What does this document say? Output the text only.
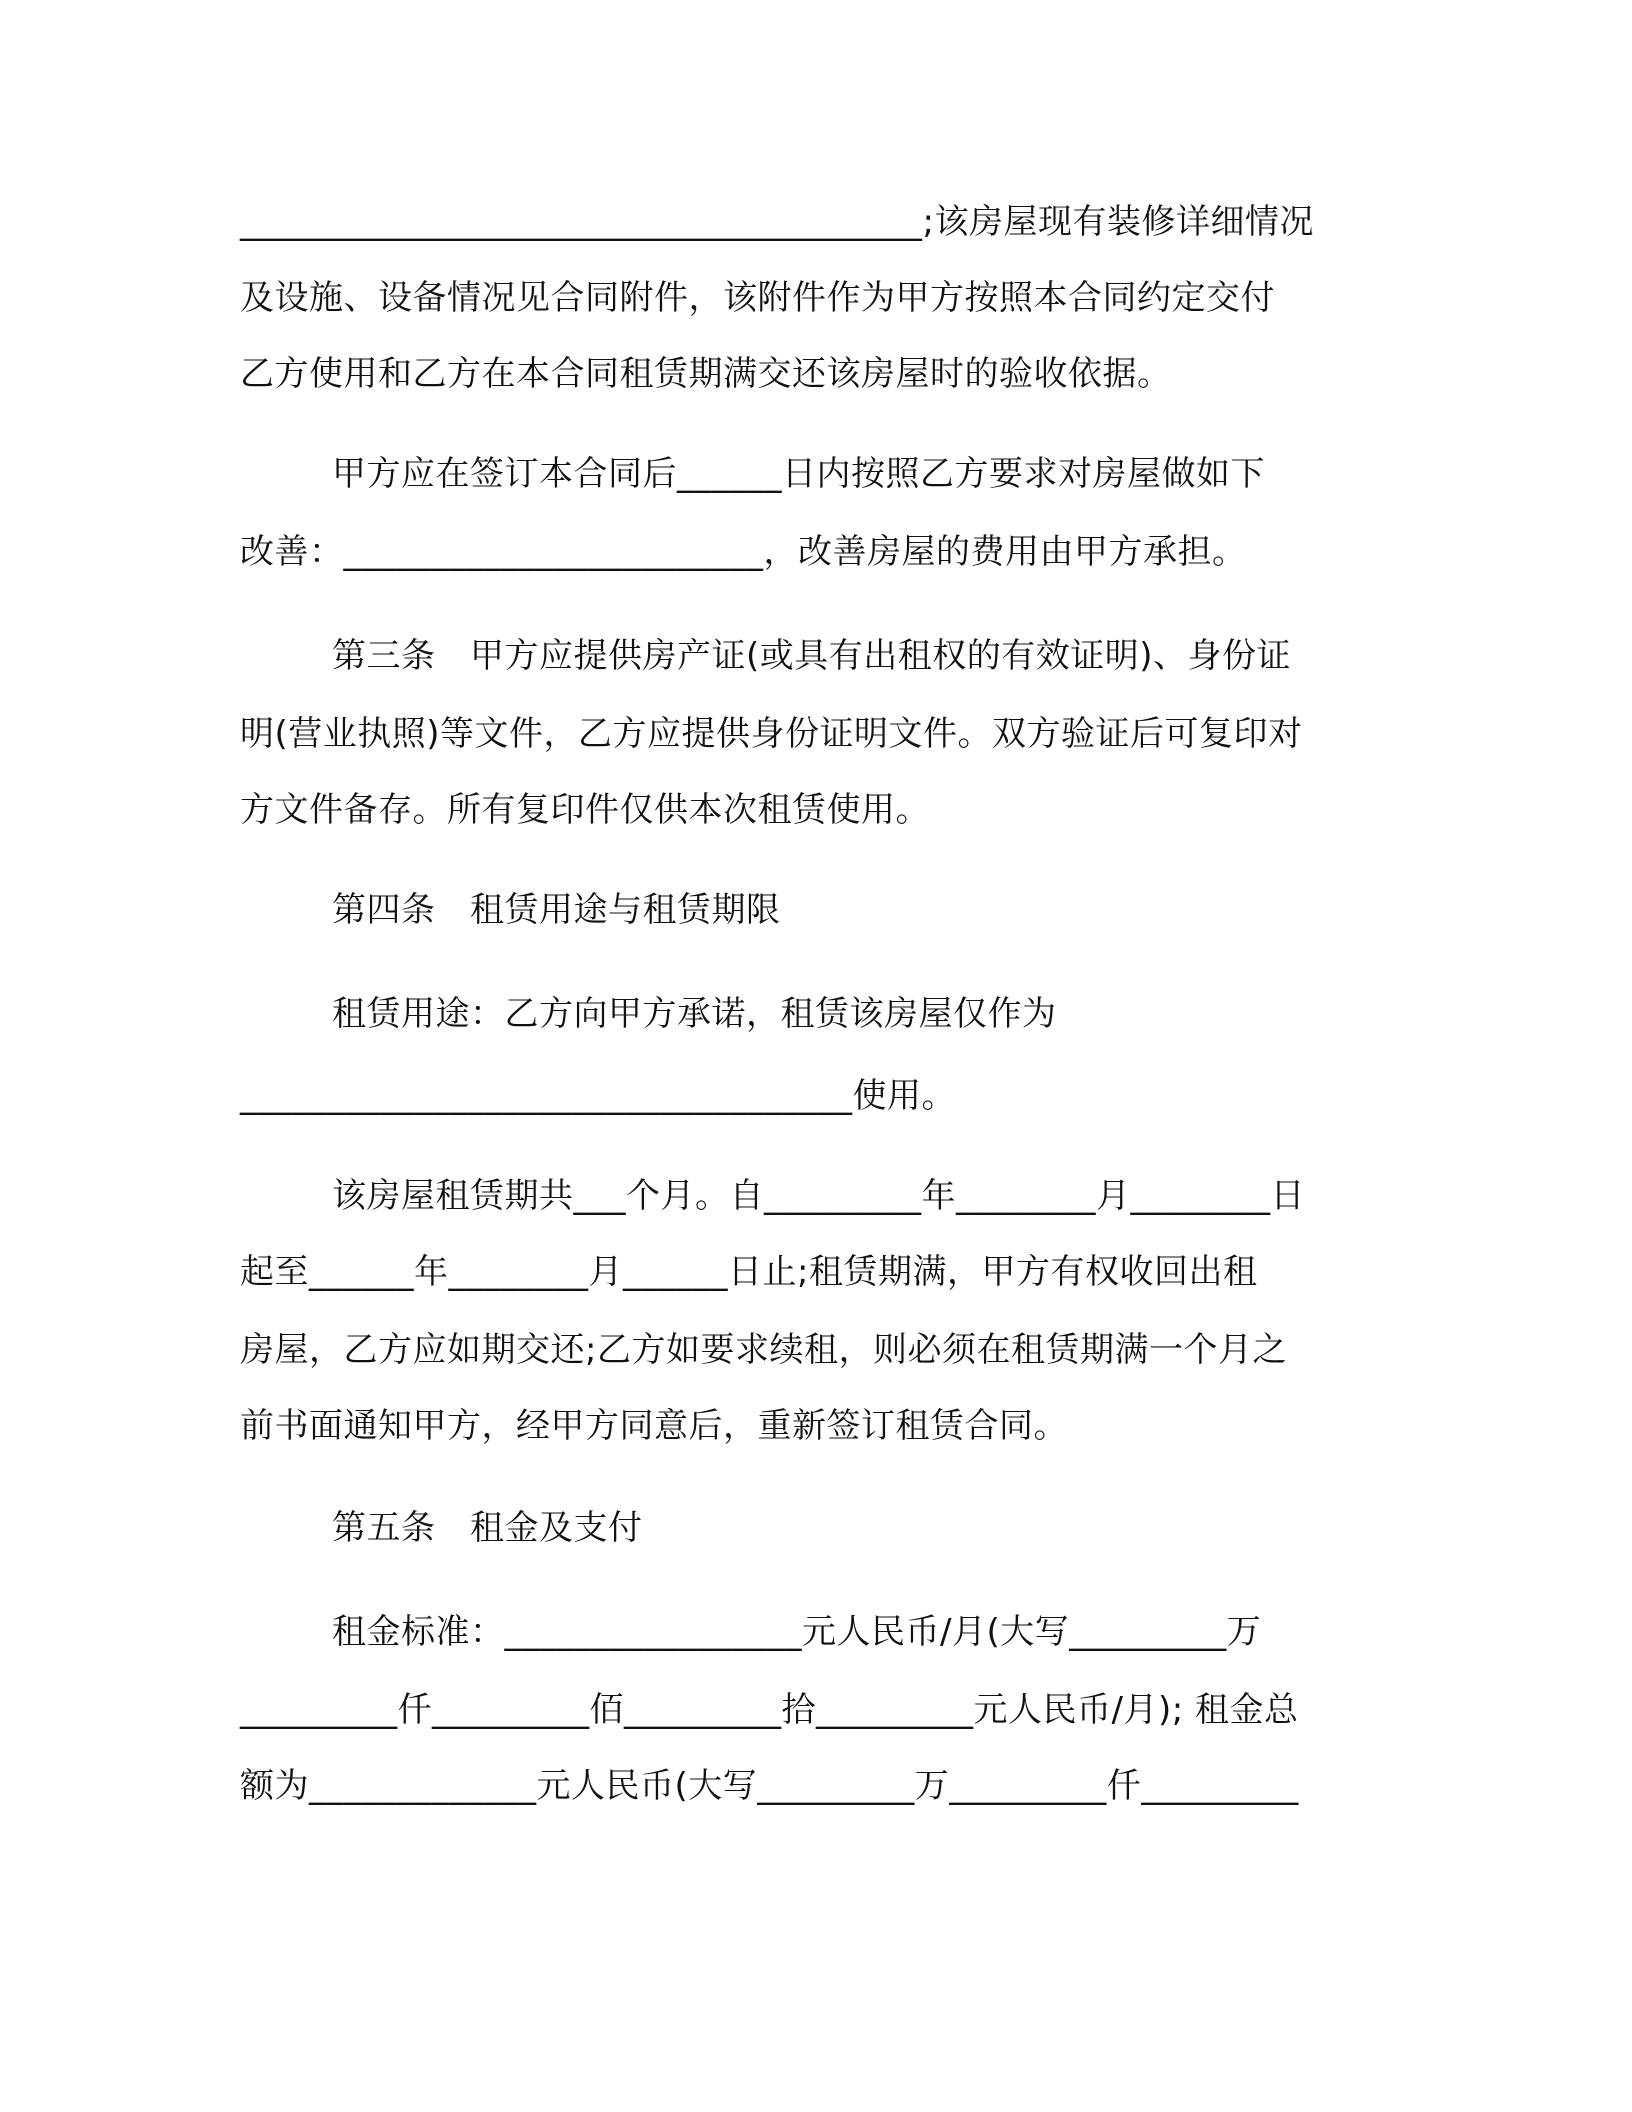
_______________________________________;该房屋现有装修详细情况
及设施、设备情况见合同附件，该附件作为甲方按照本合同约定交付
乙方使用和乙方在本合同租赁期满交还该房屋时的验收依据。
甲方应在签订本合同后______日内按照乙方要求对房屋做如下
改善：________________________，改善房屋的费用由甲方承担。
第三条　甲方应提供房产证(或具有出租权的有效证明)、身份证
明(营业执照)等文件，乙方应提供身份证明文件。双方验证后可复印对
方文件备存。所有复印件仅供本次租赁使用。
第四条　租赁用途与租赁期限
租赁用途：乙方向甲方承诺，租赁该房屋仅作为
___________________________________使用。
该房屋租赁期共___个月。自_________年________月________日
起至______年________月______日止;租赁期满，甲方有权收回出租
房屋，乙方应如期交还;乙方如要求续租，则必须在租赁期满一个月之
前书面通知甲方，经甲方同意后，重新签订租赁合同。
第五条　租金及支付
租金标准：_________________元人民币/月(大写_________万
_________仟_________佰_________拾_________元人民币/月); 租金总
额为_____________元人民币(大写_________万_________仟_________
